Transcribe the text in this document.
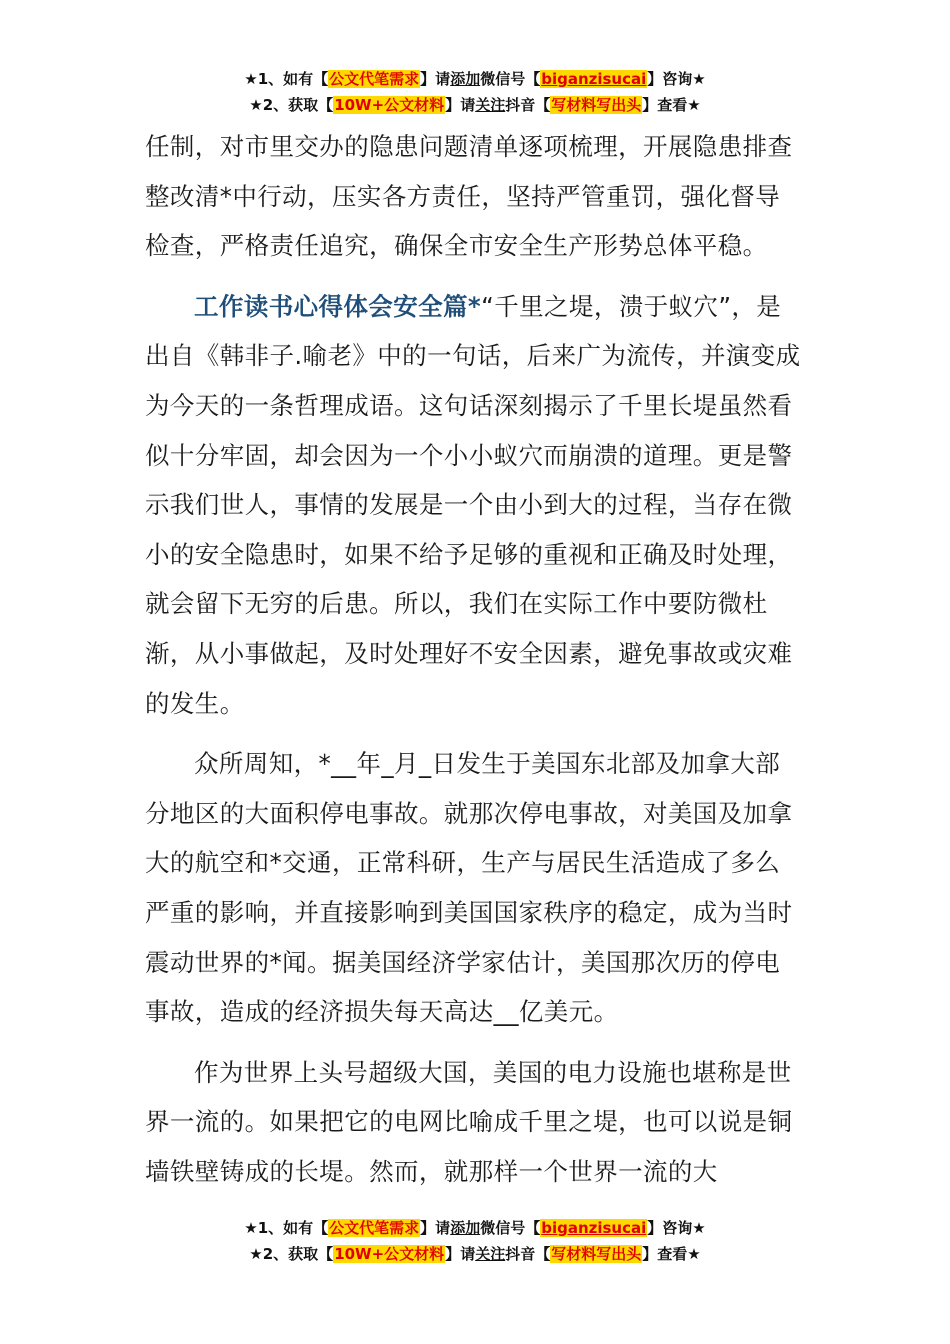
★1、如有【公文代笔需求】请添加微信号【biganzisucai】咨询★
★2、获取【10W+公文材料】请关注抖音【写材料写出头】查看★

任制，对市里交办的隐患问题清单逐项梳理，开展隐患排查整改清*中行动，压实各方责任，坚持严管重罚，强化督导检查，严格责任追究，确保全市安全生产形势总体平稳。

工作读书心得体会安全篇*“千里之堤，溃于蚁穴”，是出自《韩非子.喻老》中的一句话，后来广为流传，并演变成为今天的一条哲理成语。这句话深刻揭示了千里长堤虽然看似十分牢固，却会因为一个小小蚁穴而崩溃的道理。更是警示我们世人，事情的发展是一个由小到大的过程，当存在微小的安全隐患时，如果不给予足够的重视和正确及时处理，就会留下无穷的后患。所以，我们在实际工作中要防微杜渐，从小事做起，及时处理好不安全因素，避免事故或灾难的发生。

众所周知，*__年_月_日发生于美国东北部及加拿大部分地区的大面积停电事故。就那次停电事故，对美国及加拿大的航空和*交通，正常科研，生产与居民生活造成了多么严重的影响，并直接影响到美国国家秩序的稳定，成为当时震动世界的*闻。据美国经济学家估计，美国那次历的停电事故，造成的经济损失每天高达__亿美元。

作为世界上头号超级大国，美国的电力设施也堪称是世界一流的。如果把它的电网比喻成千里之堤，也可以说是铜墙铁壁铸成的长堤。然而，就那样一个世界一流的大

★1、如有【公文代笔需求】请添加微信号【biganzisucai】咨询★
★2、获取【10W+公文材料】请关注抖音【写材料写出头】查看★
